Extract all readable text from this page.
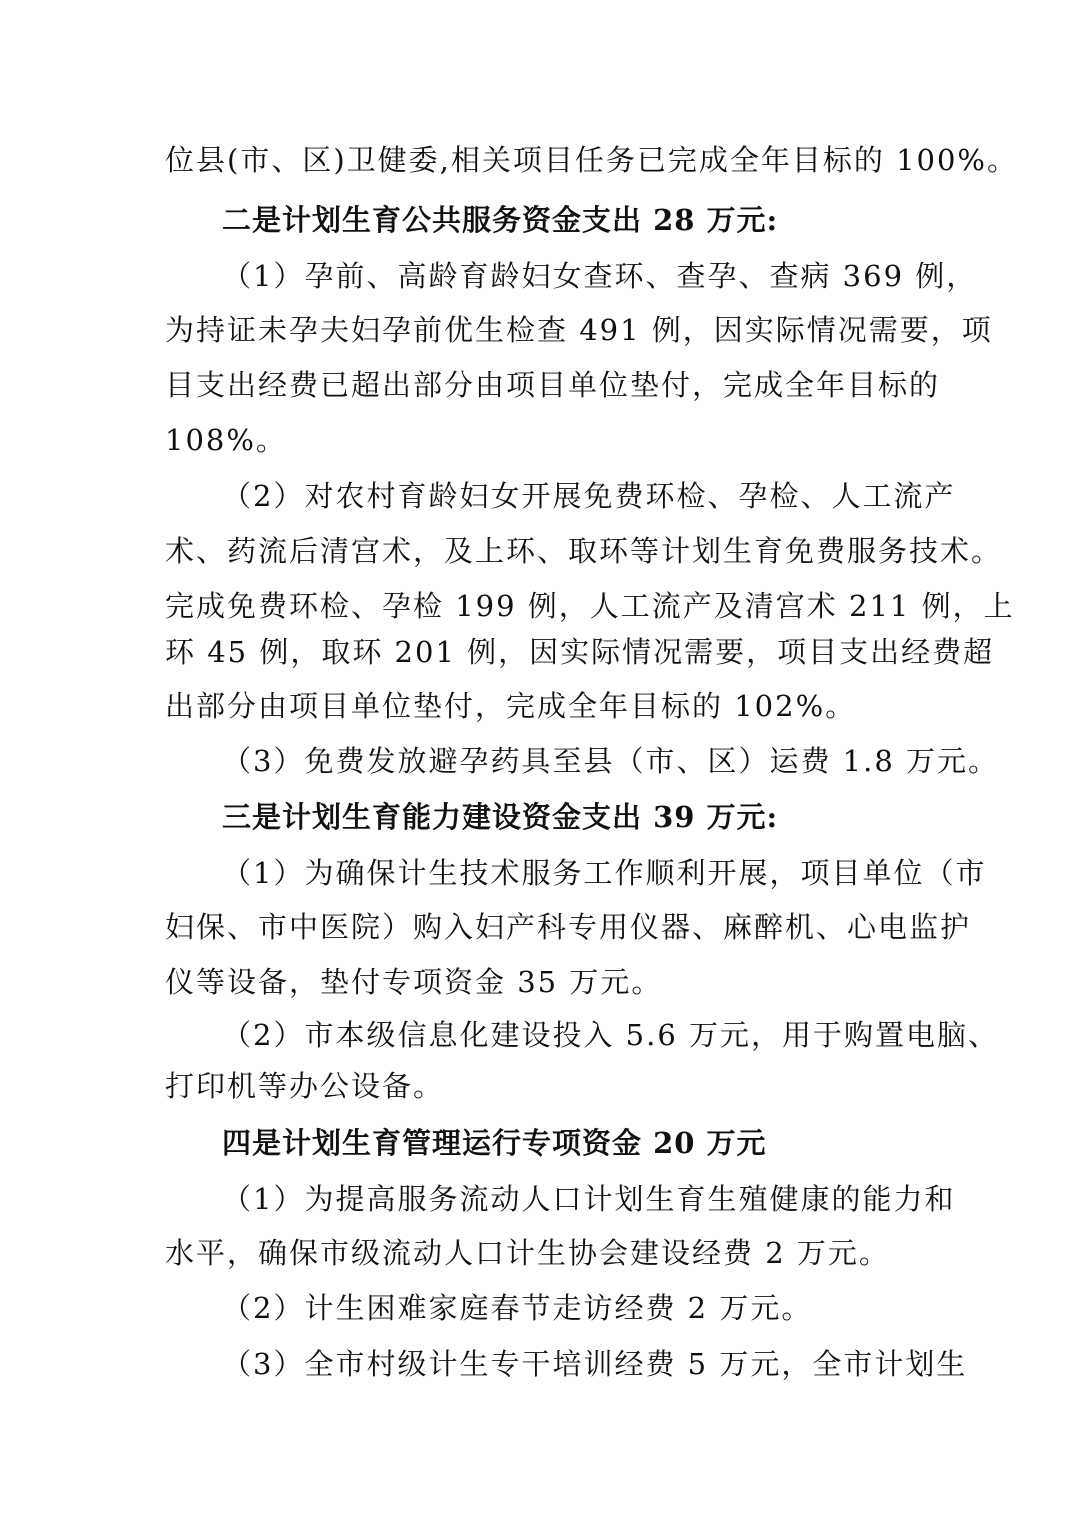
位县(市、区)卫健委,相关项目任务已完成全年目标的 100%。
二是计划生育公共服务资金支出 28 万元:
（1）孕前、高龄育龄妇女查环、查孕、查病 369 例，
为持证未孕夫妇孕前优生检查 491 例，因实际情况需要，项
目支出经费已超出部分由项目单位垫付，完成全年目标的
108%。
（2）对农村育龄妇女开展免费环检、孕检、人工流产
术、药流后清宫术，及上环、取环等计划生育免费服务技术。
完成免费环检、孕检 199 例，人工流产及清宫术 211 例，上
环 45 例，取环 201 例，因实际情况需要，项目支出经费超
出部分由项目单位垫付，完成全年目标的 102%。
（3）免费发放避孕药具至县（市、区）运费 1.8 万元。
三是计划生育能力建设资金支出 39 万元:
（1）为确保计生技术服务工作顺利开展，项目单位（市
妇保、市中医院）购入妇产科专用仪器、麻醉机、心电监护
仪等设备，垫付专项资金 35 万元。
（2）市本级信息化建设投入 5.6 万元，用于购置电脑、
打印机等办公设备。
四是计划生育管理运行专项资金 20 万元
（1）为提高服务流动人口计划生育生殖健康的能力和
水平，确保市级流动人口计生协会建设经费 2 万元。
（2）计生困难家庭春节走访经费 2 万元。
（3）全市村级计生专干培训经费 5 万元，全市计划生
